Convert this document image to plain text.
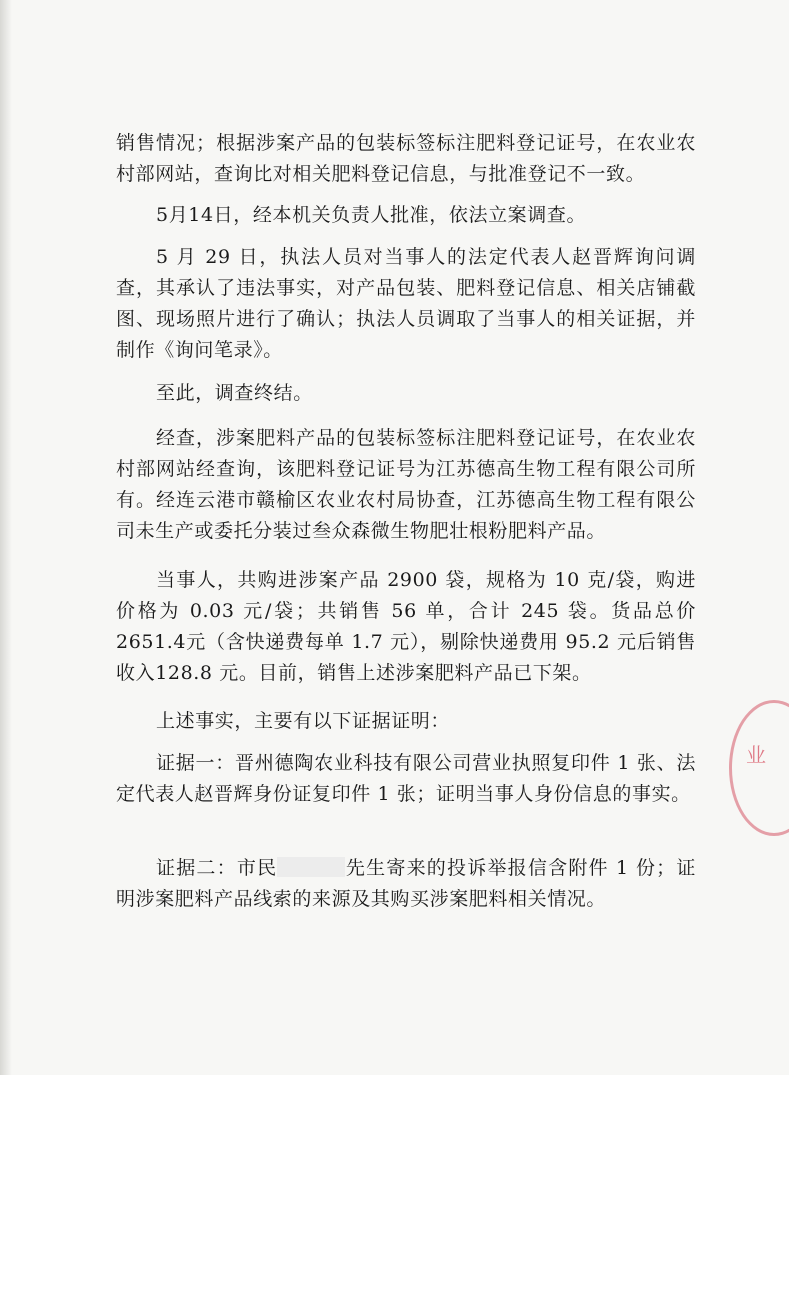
销售情况；根据涉案产品的包装标签标注肥料登记证号，在农业农村部网站，查询比对相关肥料登记信息，与批准登记不一致。

5月14日，经本机关负责人批准，依法立案调查。

5 月 29 日，执法人员对当事人的法定代表人赵晋辉询问调查，其承认了违法事实，对产品包装、肥料登记信息、相关店铺截图、现场照片进行了确认；执法人员调取了当事人的相关证据，并制作《询问笔录》。

至此，调查终结。

经查，涉案肥料产品的包装标签标注肥料登记证号，在农业农村部网站经查询，该肥料登记证号为江苏德高生物工程有限公司所有。经连云港市赣榆区农业农村局协查，江苏德高生物工程有限公司未生产或委托分装过叁众森微生物肥壮根粉肥料产品。

当事人，共购进涉案产品 2900 袋，规格为 10 克/袋，购进价格为 0.03 元/袋；共销售 56 单，合计 245 袋。货品总价 2651.4元（含快递费每单 1.7 元），剔除快递费用 95.2 元后销售收入128.8 元。目前，销售上述涉案肥料产品已下架。

上述事实，主要有以下证据证明：

证据一：晋州德陶农业科技有限公司营业执照复印件 1 张、法定代表人赵晋辉身份证复印件 1 张；证明当事人身份信息的事实。

证据二：市民	先生寄来的投诉举报信含附件 1 份；证明涉案肥料产品线索的来源及其购买涉案肥料相关情况。

业
